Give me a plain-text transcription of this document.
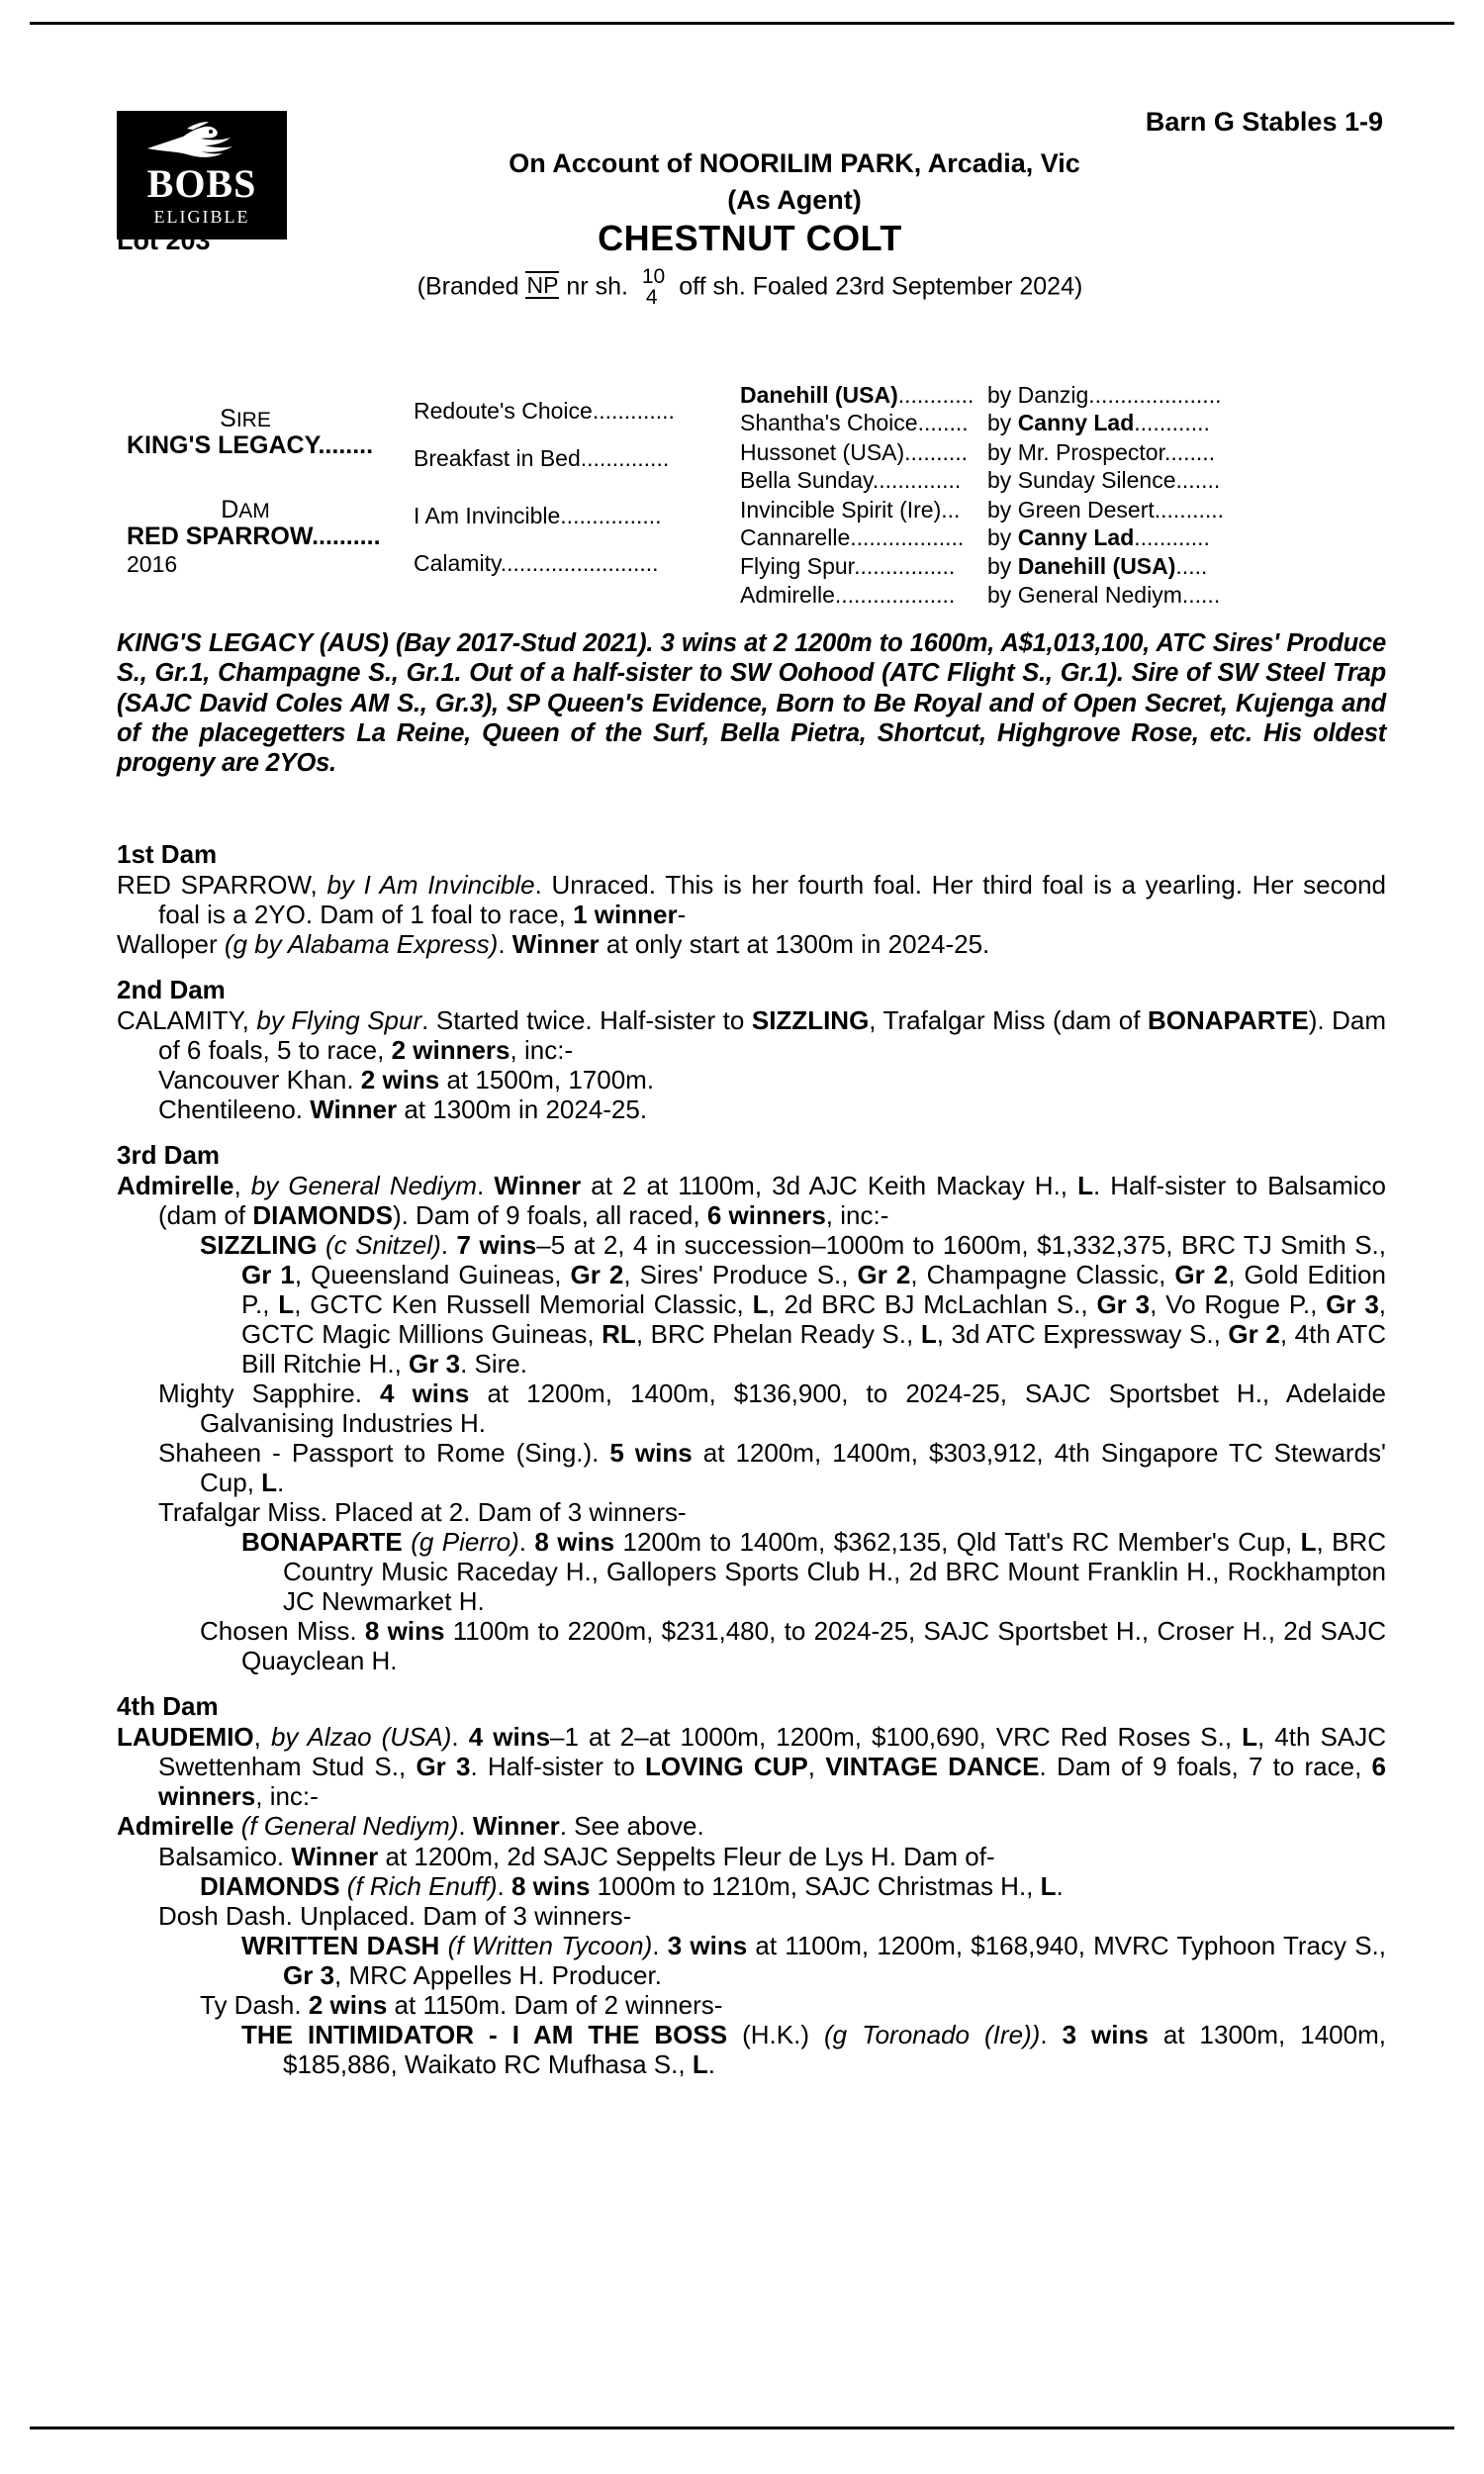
BOBS
ELIGIBLE
Barn G Stables 1-9
On Account of NOORILIM PARK, Arcadia, Vic
(As Agent)
Lot 203	CHESTNUT COLT
(Branded NP nr sh. 10
4 off sh. Foaled 23rd September 2024)
SIRE
KING'S LEGACY........
DAM
RED SPARROW..........
2016
Redoute's Choice.............
Breakfast in Bed..............
I Am Invincible................
Calamity.........................
Danehill (USA)............
Shantha's Choice........
Hussonet (USA)..........
Bella Sunday..............
Invincible Spirit (Ire)...
Cannarelle..................
Flying Spur................
Admirelle...................
by Danzig.....................
by Canny Lad............
by Mr. Prospector........
by Sunday Silence.......
by Green Desert...........
by Canny Lad............
by Danehill (USA).....
by General Nediym......
KING'S LEGACY (AUS) (Bay 2017-Stud 2021). 3 wins at 2 1200m to 1600m, A$1,013,100, ATC Sires' Produce S., Gr.1, Champagne S., Gr.1. Out of a half-sister to SW Oohood (ATC Flight S., Gr.1). Sire of SW Steel Trap (SAJC David Coles AM S., Gr.3), SP Queen's Evidence, Born to Be Royal and of Open Secret, Kujenga and of the placegetters La Reine, Queen of the Surf, Bella Pietra, Shortcut, Highgrove Rose, etc. His oldest progeny are 2YOs.
1st Dam
RED SPARROW, by I Am Invincible. Unraced. This is her fourth foal. Her third foal is a yearling. Her second foal is a 2YO. Dam of 1 foal to race, 1 winner-
Walloper (g by Alabama Express). Winner at only start at 1300m in 2024-25.
2nd Dam
CALAMITY, by Flying Spur. Started twice. Half-sister to SIZZLING, Trafalgar Miss (dam of BONAPARTE). Dam of 6 foals, 5 to race, 2 winners, inc:-
Vancouver Khan. 2 wins at 1500m, 1700m.
Chentileeno. Winner at 1300m in 2024-25.
3rd Dam
Admirelle, by General Nediym. Winner at 2 at 1100m, 3d AJC Keith Mackay H., L. Half-sister to Balsamico (dam of DIAMONDS). Dam of 9 foals, all raced, 6 winners, inc:-
SIZZLING (c Snitzel). 7 wins–5 at 2, 4 in succession–1000m to 1600m, $1,332,375, BRC TJ Smith S., Gr 1, Queensland Guineas, Gr 2, Sires' Produce S., Gr 2, Champagne Classic, Gr 2, Gold Edition P., L, GCTC Ken Russell Memorial Classic, L, 2d BRC BJ McLachlan S., Gr 3, Vo Rogue P., Gr 3, GCTC Magic Millions Guineas, RL, BRC Phelan Ready S., L, 3d ATC Expressway S., Gr 2, 4th ATC Bill Ritchie H., Gr 3. Sire.
Mighty Sapphire. 4 wins at 1200m, 1400m, $136,900, to 2024-25, SAJC Sportsbet H., Adelaide Galvanising Industries H.
Shaheen - Passport to Rome (Sing.). 5 wins at 1200m, 1400m, $303,912, 4th Singapore TC Stewards' Cup, L.
Trafalgar Miss. Placed at 2. Dam of 3 winners-
BONAPARTE (g Pierro). 8 wins 1200m to 1400m, $362,135, Qld Tatt's RC Member's Cup, L, BRC Country Music Raceday H., Gallopers Sports Club H., 2d BRC Mount Franklin H., Rockhampton JC Newmarket H.
Chosen Miss. 8 wins 1100m to 2200m, $231,480, to 2024-25, SAJC Sportsbet H., Croser H., 2d SAJC Quayclean H.
4th Dam
LAUDEMIO, by Alzao (USA). 4 wins–1 at 2–at 1000m, 1200m, $100,690, VRC Red Roses S., L, 4th SAJC Swettenham Stud S., Gr 3. Half-sister to LOVING CUP, VINTAGE DANCE. Dam of 9 foals, 7 to race, 6 winners, inc:-
Admirelle (f General Nediym). Winner. See above.
Balsamico. Winner at 1200m, 2d SAJC Seppelts Fleur de Lys H. Dam of-
DIAMONDS (f Rich Enuff). 8 wins 1000m to 1210m, SAJC Christmas H., L.
Dosh Dash. Unplaced. Dam of 3 winners-
WRITTEN DASH (f Written Tycoon). 3 wins at 1100m, 1200m, $168,940, MVRC Typhoon Tracy S., Gr 3, MRC Appelles H. Producer.
Ty Dash. 2 wins at 1150m. Dam of 2 winners-
THE INTIMIDATOR - I AM THE BOSS (H.K.) (g Toronado (Ire)). 3 wins at 1300m, 1400m, $185,886, Waikato RC Mufhasa S., L.
